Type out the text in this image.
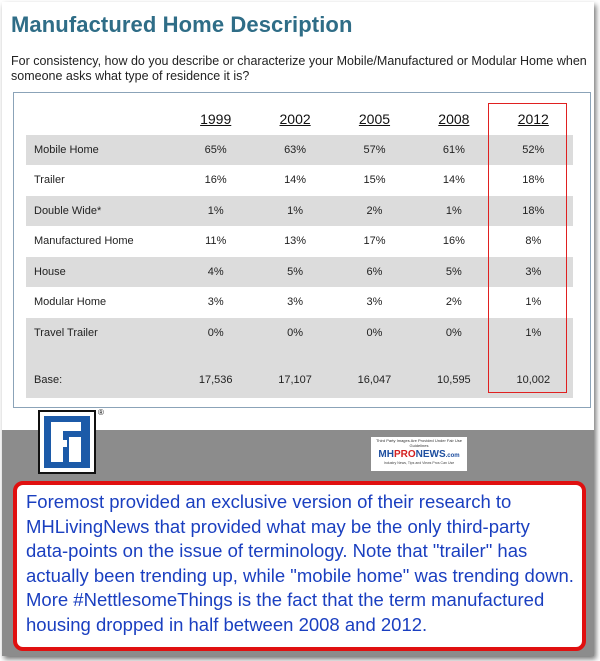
Manufactured Home Description
For consistency, how do you describe or characterize your Mobile/Manufactured or Modular Home when someone asks what type of residence it is?
	1999	2002	2005	2008	2012
Mobile Home	65%	63%	57%	61%	52%
Trailer	16%	14%	15%	14%	18%
Double Wide*	1%	1%	2%	1%	18%
Manufactured Home	11%	13%	17%	16%	8%
House	4%	5%	6%	5%	3%
Modular Home	3%	3%	3%	2%	1%
Travel Trailer	0%	0%	0%	0%	1%
Base:	17,536	17,107	16,047	10,595	10,002
®
Third Party Images Are Provided Under Fair Use Guidelines
MHPRONEWS.com
Industry News, Tips and Views Pros Can Use
Foremost provided an exclusive version of their research to MHLivingNews that provided what may be the only third-party data-points on the issue of terminology. Note that "trailer" has actually been trending up, while "mobile home" was trending down. More #NettlesomeThings is the fact that the term manufactured housing dropped in half between 2008 and 2012.
